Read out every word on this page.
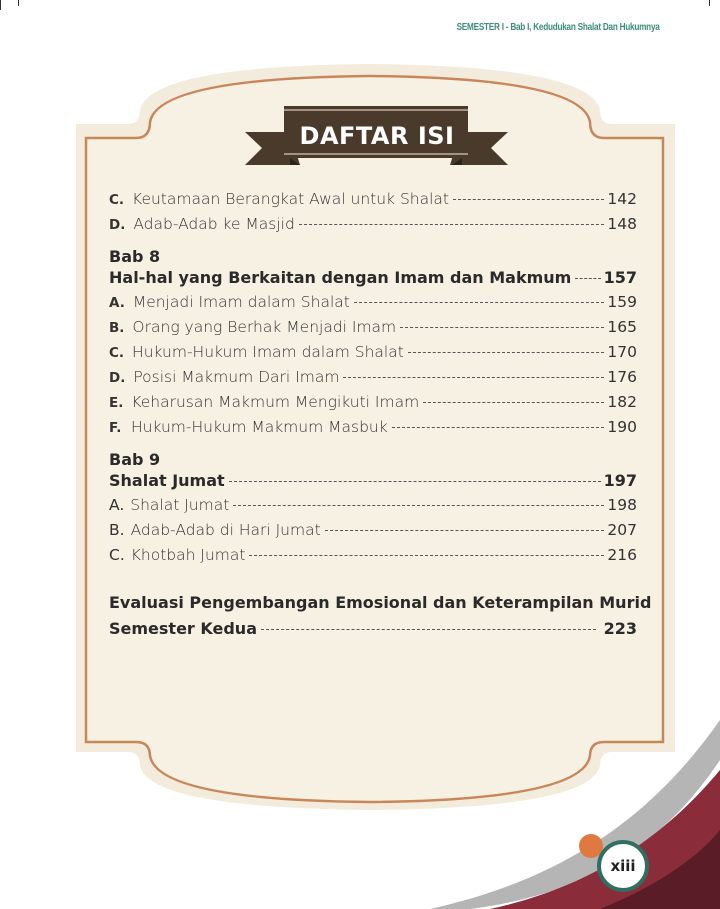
SEMESTER I - Bab I, Kedudukan Shalat Dan Hukumnya
DAFTAR ISI
C. Keutamaan Berangkat Awal untuk Shalat	142
D. Adab-Adab ke Masjid	148
Bab 8
Hal-hal yang Berkaitan dengan Imam dan Makmum 157
A. Menjadi Imam dalam Shalat	159
B. Orang yang Berhak Menjadi Imam	165
C. Hukum-Hukum Imam dalam Shalat	170
D. Posisi Makmum Dari Imam	176
E. Keharusan Makmum Mengikuti Imam	182
F. Hukum-Hukum Makmum Masbuk	190
Bab 9
Shalat Jumat	197
A. Shalat Jumat	198
B. Adab-Adab di Hari Jumat	207
C. Khotbah Jumat	216
Evaluasi Pengembangan Emosional dan Keterampilan Murid
Semester Kedua	223
xiii
